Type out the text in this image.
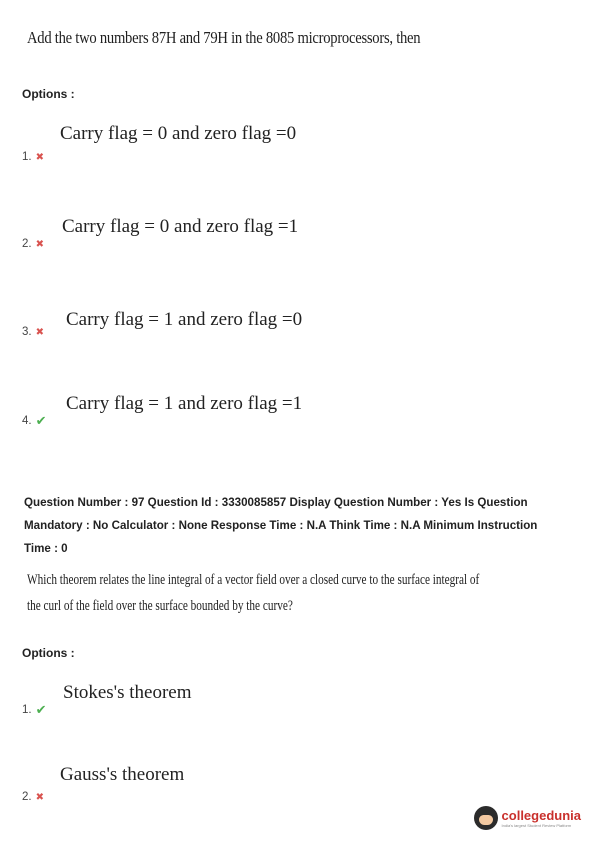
Add the two numbers 87H and 79H in the 8085 microprocessors, then
Options :
Carry flag = 0 and zero flag =0
1. ✖
Carry flag = 0 and zero flag =1
2. ✖
Carry flag = 1 and zero flag =0
3. ✖
Carry flag = 1 and zero flag =1
4. ✔
Question Number : 97 Question Id : 3330085857 Display Question Number : Yes Is Question
Mandatory : No Calculator : None Response Time : N.A Think Time : N.A Minimum Instruction
Time : 0
Which theorem relates the line integral of a vector field over a closed curve to the surface integral of
the curl of the field over the surface bounded by the curve?
Options :
Stokes's theorem
1. ✔
Gauss's theorem
2. ✖
collegedunia
India's largest Student Review Platform
